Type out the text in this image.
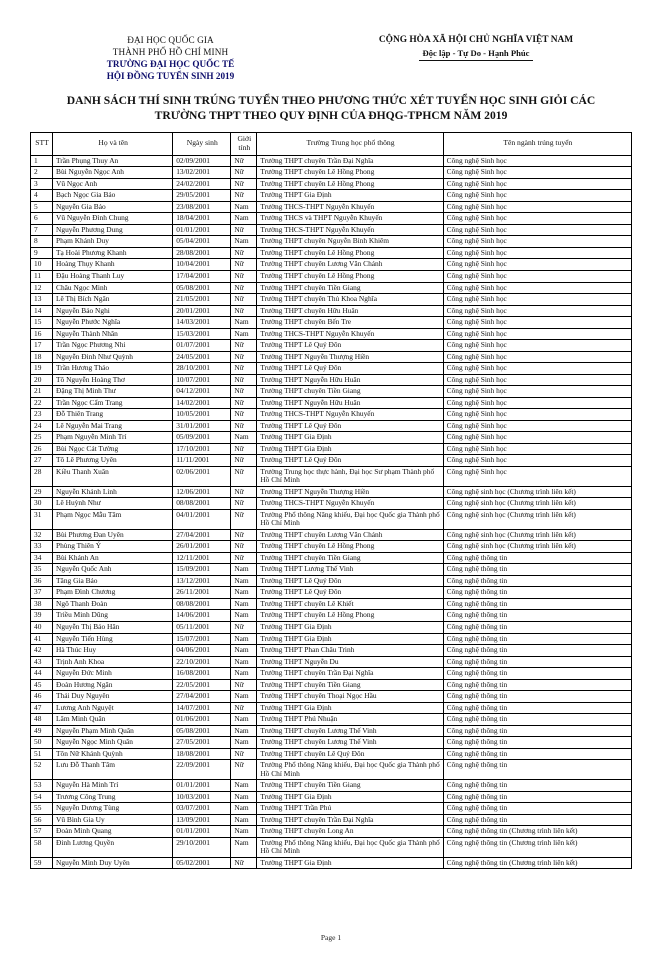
ĐẠI HỌC QUỐC GIA
THÀNH PHỐ HỒ CHÍ MINH
TRƯỜNG ĐẠI HỌC QUỐC TẾ
HỘI ĐỒNG TUYỂN SINH 2019
CỘNG HÒA XÃ HỘI CHỦ NGHĨA VIỆT NAM
Độc lập - Tự Do - Hạnh Phúc
DANH SÁCH THÍ SINH TRÚNG TUYỂN THEO PHƯƠNG THỨC XÉT TUYỂN HỌC SINH GIỎI CÁC
TRƯỜNG THPT THEO QUY ĐỊNH CỦA ĐHQG-TPHCM NĂM 2019
STT	Họ và tên	Ngày sinh	Giới tính	Trường Trung học phổ thông	Tên ngành trúng tuyển
1	Trần Phụng Thuy An	02/09/2001	Nữ	Trường THPT chuyên Trần Đại Nghĩa	Công nghệ Sinh học
2	Bùi Nguyễn Ngọc Anh	13/02/2001	Nữ	Trường THPT chuyên Lê Hồng Phong	Công nghệ Sinh học
3	Vũ Ngọc Anh	24/02/2001	Nữ	Trường THPT chuyên Lê Hồng Phong	Công nghệ Sinh học
4	Bạch Ngọc Gia Bảo	29/05/2001	Nữ	Trường THPT Gia Định	Công nghệ Sinh học
5	Nguyễn Gia Bảo	23/08/2001	Nam	Trường THCS-THPT Nguyễn Khuyến	Công nghệ Sinh học
6	Vũ Nguyễn Đình Chung	18/04/2001	Nam	Trường THCS và THPT Nguyễn Khuyến	Công nghệ Sinh học
7	Nguyễn Phương Dung	01/01/2001	Nữ	Trường THCS-THPT Nguyễn Khuyến	Công nghệ Sinh học
8	Phạm Khánh Duy	05/04/2001	Nam	Trường THPT chuyên Nguyễn Bỉnh Khiêm	Công nghệ Sinh học
9	Tạ Hoài Phương Khanh	28/08/2001	Nữ	Trường THPT chuyên Lê Hồng Phong	Công nghệ Sinh học
10	Hoàng Thụy Khanh	10/04/2001	Nữ	Trường THPT chuyên Lương Văn Chánh	Công nghệ Sinh học
11	Đậu Hoàng Thanh Luy	17/04/2001	Nữ	Trường THPT chuyên Lê Hồng Phong	Công nghệ Sinh học
12	Châu Ngọc Minh	05/08/2001	Nữ	Trường THPT chuyên Tiền Giang	Công nghệ Sinh học
13	Lê Thị Bích Ngân	21/05/2001	Nữ	Trường THPT chuyên Thủ Khoa Nghĩa	Công nghệ Sinh học
14	Nguyễn Bảo Nghi	20/01/2001	Nữ	Trường THPT chuyên Hữu Huân	Công nghệ Sinh học
15	Nguyễn Phước Nghĩa	14/03/2001	Nam	Trường THPT chuyên Bến Tre	Công nghệ Sinh học
16	Nguyễn Thành Nhân	15/03/2001	Nam	Trường THCS-THPT Nguyễn Khuyến	Công nghệ Sinh học
17	Trần Ngọc Phương Nhi	01/07/2001	Nữ	Trường THPT Lê Quý Đôn	Công nghệ Sinh học
18	Nguyễn Đinh Như Quỳnh	24/05/2001	Nữ	Trường THPT Nguyễn Thượng Hiền	Công nghệ Sinh học
19	Trần Hương Thảo	28/10/2001	Nữ	Trường THPT Lê Quý Đôn	Công nghệ Sinh học
20	Tô Nguyễn Hoàng Thơ	10/07/2001	Nữ	Trường THPT Nguyễn Hữu Huân	Công nghệ Sinh học
21	Đặng Thị Minh Thư	04/12/2001	Nữ	Trường THPT chuyên Tiền Giang	Công nghệ Sinh học
22	Trần Ngọc Cẩm Trang	14/02/2001	Nữ	Trường THPT Nguyễn Hữu Huân	Công nghệ Sinh học
23	Đỗ Thiên Trang	10/05/2001	Nữ	Trường THCS-THPT Nguyễn Khuyến	Công nghệ Sinh học
24	Lê Nguyễn Mai Trang	31/01/2001	Nữ	Trường THPT Lê Quý Đôn	Công nghệ Sinh học
25	Phạm Nguyễn Minh Trí	05/09/2001	Nam	Trường THPT Gia Định	Công nghệ Sinh học
26	Bùi Ngọc Cát Tường	17/10/2001	Nữ	Trường THPT Gia Định	Công nghệ Sinh học
27	Tô Lê Phương Uyên	11/11/2001	Nữ	Trường THPT Lê Quý Đôn	Công nghệ Sinh học
28	Kiều Thanh Xuân	02/06/2001	Nữ	Trường Trung học thực hành, Đại học Sư phạm Thành phố Hồ Chí Minh	Công nghệ Sinh học
29	Nguyễn Khánh Linh	12/06/2001	Nữ	Trường THPT Nguyễn Thượng Hiền	Công nghệ sinh học (Chương trình liên kết)
30	Lê Huỳnh Như	08/08/2001	Nữ	Trường THCS-THPT Nguyễn Khuyến	Công nghệ sinh học (Chương trình liên kết)
31	Phạm Ngọc Mẫu Tâm	04/01/2001	Nữ	Trường Phổ thông Năng khiếu, Đại học Quốc gia Thành phố Hồ Chí Minh	Công nghệ sinh học (Chương trình liên kết)
32	Bùi Phương Đan Uyên	27/04/2001	Nữ	Trường THPT chuyên Lương Văn Chánh	Công nghệ sinh học (Chương trình liên kết)
33	Phùng Thiên Ý	26/01/2001	Nữ	Trường THPT chuyên Lê Hồng Phong	Công nghệ sinh học (Chương trình liên kết)
34	Bùi Khánh An	12/11/2001	Nữ	Trường THPT chuyên Tiền Giang	Công nghệ thông tin
35	Nguyễn Quốc Anh	15/09/2001	Nam	Trường THPT Lương Thế Vinh	Công nghệ thông tin
36	Tăng Gia Bảo	13/12/2001	Nam	Trường THPT Lê Quý Đôn	Công nghệ thông tin
37	Phạm Đình Chương	26/11/2001	Nam	Trường THPT Lê Quý Đôn	Công nghệ thông tin
38	Ngô Thanh Đoàn	08/08/2001	Nam	Trường THPT chuyên Lê Khiết	Công nghệ thông tin
39	Triều Minh Dũng	14/06/2001	Nam	Trường THPT chuyên Lê Hồng Phong	Công nghệ thông tin
40	Nguyễn Thị Bảo Hân	05/11/2001	Nữ	Trường THPT Gia Định	Công nghệ thông tin
41	Nguyễn Tiến Hùng	15/07/2001	Nam	Trường THPT Gia Định	Công nghệ thông tin
42	Hà Thúc Huy	04/06/2001	Nam	Trường THPT Phan Châu Trinh	Công nghệ thông tin
43	Trịnh Anh Khoa	22/10/2001	Nam	Trường THPT Nguyễn Du	Công nghệ thông tin
44	Nguyễn Đức Minh	16/08/2001	Nam	Trường THPT chuyên Trần Đại Nghĩa	Công nghệ thông tin
45	Đoàn Hương Ngân	22/05/2001	Nữ	Trường THPT chuyên Tiền Giang	Công nghệ thông tin
46	Thái Duy Nguyên	27/04/2001	Nam	Trường THPT chuyên Thoại Ngọc Hầu	Công nghệ thông tin
47	Lương Anh Nguyệt	14/07/2001	Nữ	Trường THPT Gia Định	Công nghệ thông tin
48	Lâm Minh Quân	01/06/2001	Nam	Trường THPT Phú Nhuận	Công nghệ thông tin
49	Nguyễn Phạm Minh Quân	05/08/2001	Nam	Trường THPT chuyên Lương Thế Vinh	Công nghệ thông tin
50	Nguyễn Ngọc Minh Quân	27/05/2001	Nam	Trường THPT chuyên Lương Thế Vinh	Công nghệ thông tin
51	Tôn Nữ Khánh Quỳnh	18/08/2001	Nữ	Trường THPT chuyên Lê Quý Đôn	Công nghệ thông tin
52	Lưu Đỗ Thanh Tâm	22/09/2001	Nữ	Trường Phổ thông Năng khiếu, Đại học Quốc gia Thành phố Hồ Chí Minh	Công nghệ thông tin
53	Nguyễn Hà Minh Trí	01/01/2001	Nam	Trường THPT chuyên Tiền Giang	Công nghệ thông tin
54	Trương Công Trung	10/03/2001	Nam	Trường THPT Gia Định	Công nghệ thông tin
55	Nguyễn Dương Tùng	03/07/2001	Nam	Trường THPT Trần Phú	Công nghệ thông tin
56	Vũ Bình Gia Uy	13/09/2001	Nam	Trường THPT chuyên Trần Đại Nghĩa	Công nghệ thông tin
57	Đoàn Minh Quang	01/01/2001	Nam	Trường THPT chuyên Long An	Công nghệ thông tin (Chương trình liên kết)
58	Đinh Lương Quyền	29/10/2001	Nam	Trường Phổ thông Năng khiếu, Đại học Quốc gia Thành phố Hồ Chí Minh	Công nghệ thông tin (Chương trình liên kết)
59	Nguyễn Minh Duy Uyên	05/02/2001	Nữ	Trường THPT Gia Định	Công nghệ thông tin (Chương trình liên kết)
Page 1
